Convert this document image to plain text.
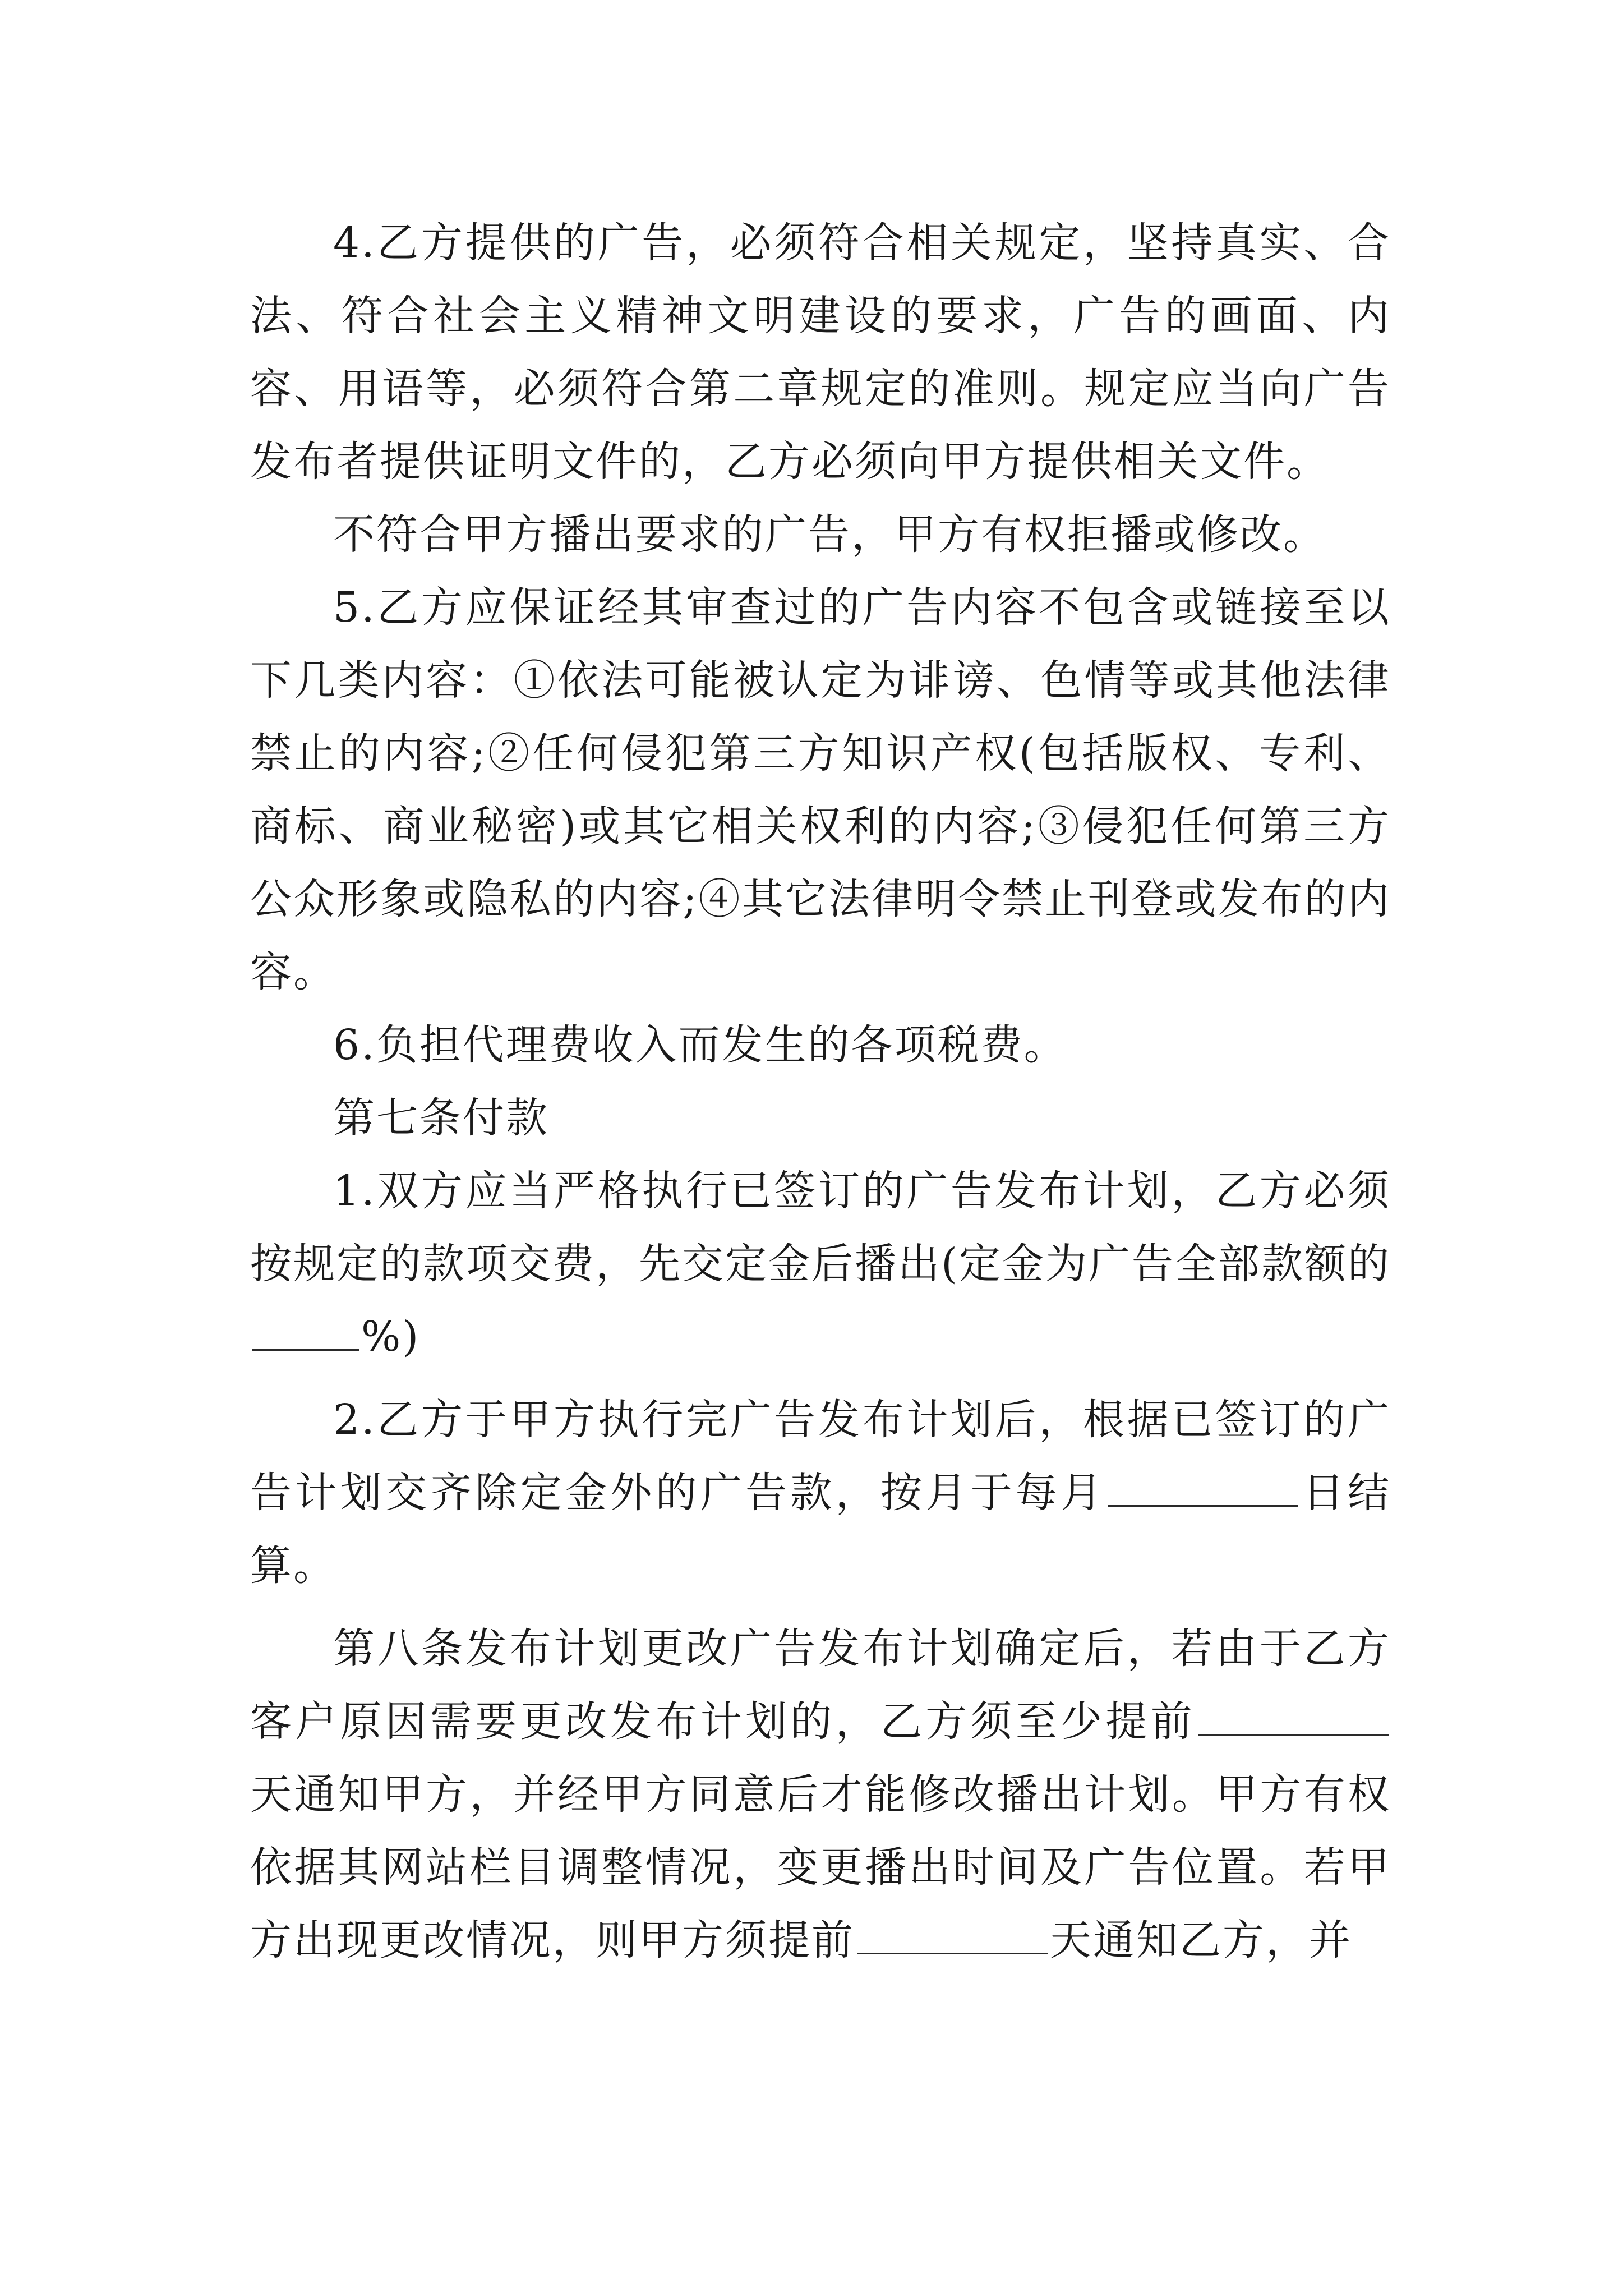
4.乙方提供的广告，必须符合相关规定，坚持真实、合法、符合社会主义精神文明建设的要求，广告的画面、内容、用语等，必须符合第二章规定的准则。规定应当向广告发布者提供证明文件的，乙方必须向甲方提供相关文件。

不符合甲方播出要求的广告，甲方有权拒播或修改。

5.乙方应保证经其审查过的广告内容不包含或链接至以下几类内容：①依法可能被认定为诽谤、色情等或其他法律禁止的内容;②任何侵犯第三方知识产权(包括版权、专利、商标、商业秘密)或其它相关权利的内容;③侵犯任何第三方公众形象或隐私的内容;④其它法律明令禁止刊登或发布的内容。

6.负担代理费收入而发生的各项税费。

第七条付款

1.双方应当严格执行已签订的广告发布计划，乙方必须按规定的款项交费，先交定金后播出(定金为广告全部款额的%)

2.乙方于甲方执行完广告发布计划后，根据已签订的广告计划交齐除定金外的广告款，按月于每月	日结算。

第八条发布计划更改广告发布计划确定后，若由于乙方客户原因需要更改发布计划的，乙方须至少提前天通知甲方，并经甲方同意后才能修改播出计划。甲方有权依据其网站栏目调整情况，变更播出时间及广告位置。若甲方出现更改情况，则甲方须提前	天通知乙方，并
